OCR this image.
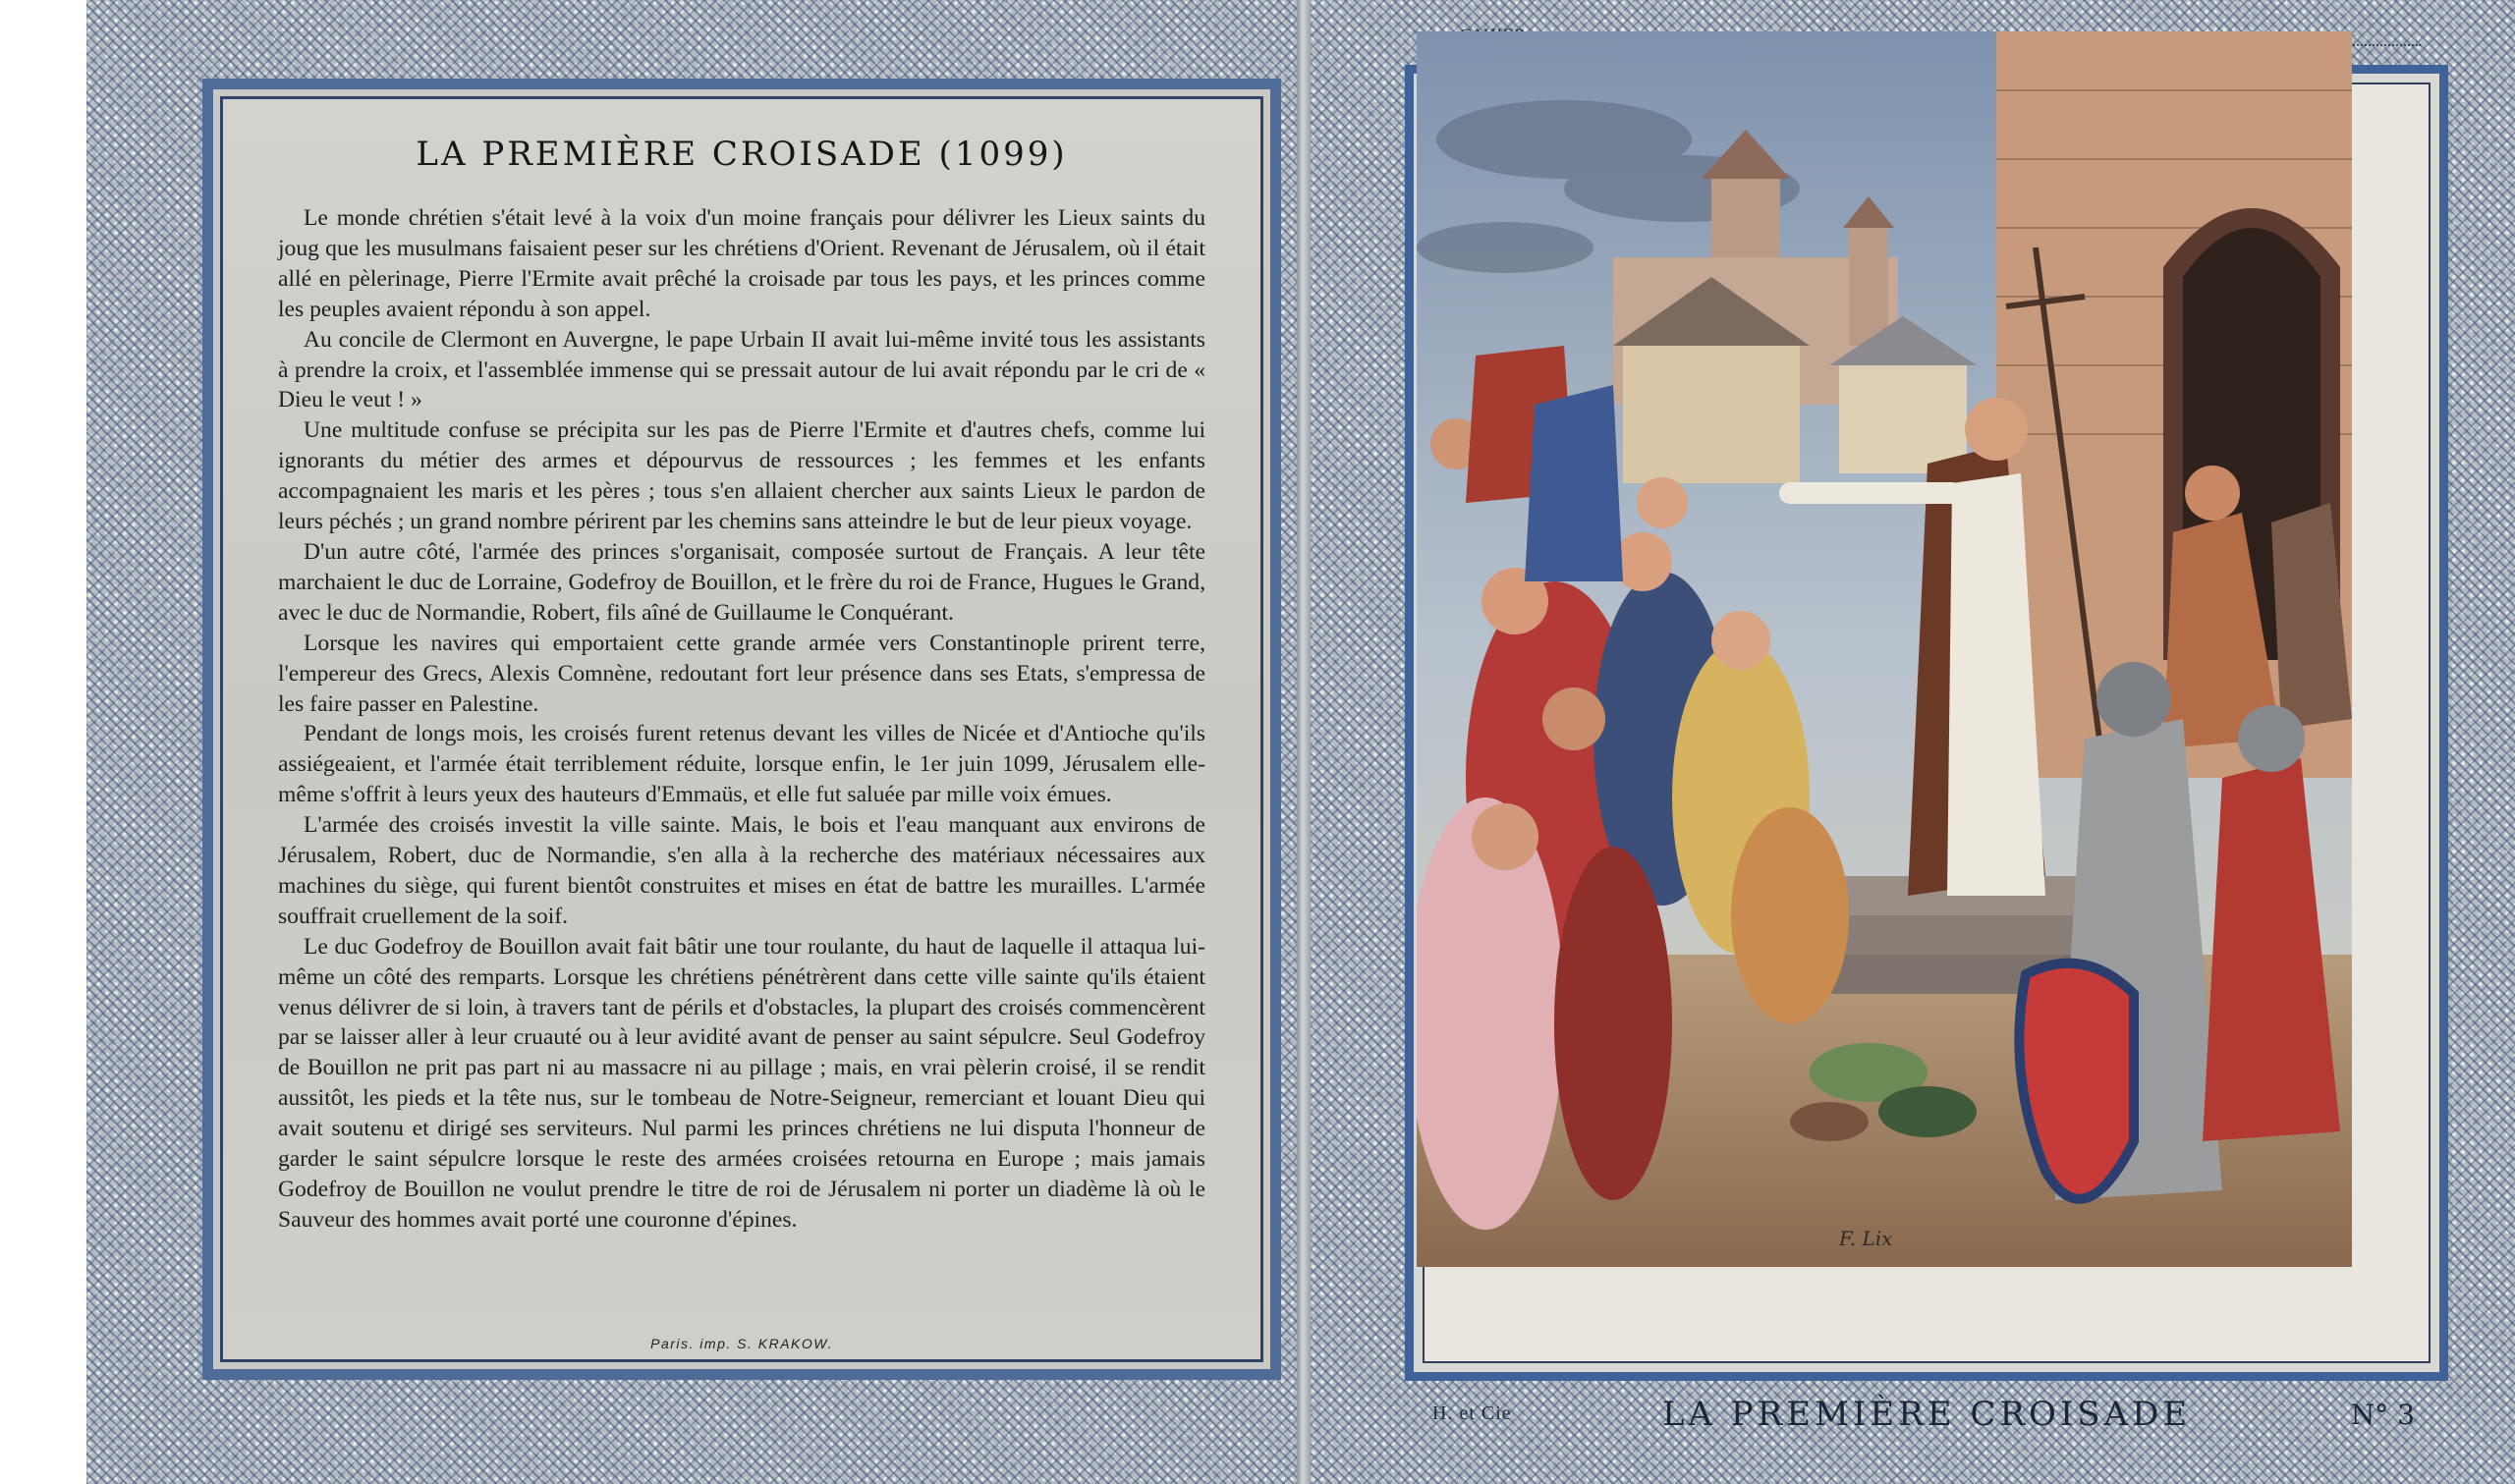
LA PREMIÈRE CROISADE (1099)

Le monde chrétien s'était levé à la voix d'un moine français pour délivrer les Lieux saints du joug que les musulmans faisaient peser sur les chrétiens d'Orient. Revenant de Jérusalem, où il était allé en pèlerinage, Pierre l'Ermite avait prêché la croisade par tous les pays, et les princes comme les peuples avaient répondu à son appel.

Au concile de Clermont en Auvergne, le pape Urbain II avait lui-même invité tous les assistants à prendre la croix, et l'assemblée immense qui se pressait autour de lui avait répondu par le cri de « Dieu le veut ! »

Une multitude confuse se précipita sur les pas de Pierre l'Ermite et d'autres chefs, comme lui ignorants du métier des armes et dépourvus de ressources ; les femmes et les enfants accompagnaient les maris et les pères ; tous s'en allaient chercher aux saints Lieux le pardon de leurs péchés ; un grand nombre périrent par les chemins sans atteindre le but de leur pieux voyage.

D'un autre côté, l'armée des princes s'organisait, composée surtout de Français. A leur tête marchaient le duc de Lorraine, Godefroy de Bouillon, et le frère du roi de France, Hugues le Grand, avec le duc de Normandie, Robert, fils aîné de Guillaume le Conquérant.

Lorsque les navires qui emportaient cette grande armée vers Constantinople prirent terre, l'empereur des Grecs, Alexis Comnène, redoutant fort leur présence dans ses Etats, s'empressa de les faire passer en Palestine.

Pendant de longs mois, les croisés furent retenus devant les villes de Nicée et d'Antioche qu'ils assiégeaient, et l'armée était terriblement réduite, lorsque enfin, le 1er juin 1099, Jérusalem elle-même s'offrit à leurs yeux des hauteurs d'Emmaüs, et elle fut saluée par mille voix émues.

L'armée des croisés investit la ville sainte. Mais, le bois et l'eau manquant aux environs de Jérusalem, Robert, duc de Normandie, s'en alla à la recherche des matériaux nécessaires aux machines du siège, qui furent bientôt construites et mises en état de battre les murailles. L'armée souffrait cruellement de la soif.

Le duc Godefroy de Bouillon avait fait bâtir une tour roulante, du haut de laquelle il attaqua lui-même un côté des remparts. Lorsque les chrétiens pénétrèrent dans cette ville sainte qu'ils étaient venus délivrer de si loin, à travers tant de périls et d'obstacles, la plupart des croisés commencèrent par se laisser aller à leur cruauté ou à leur avidité avant de penser au saint sépulcre. Seul Godefroy de Bouillon ne prit pas part ni au massacre ni au pillage ; mais, en vrai pèlerin croisé, il se rendit aussitôt, les pieds et la tête nus, sur le tombeau de Notre-Seigneur, remerciant et louant Dieu qui avait soutenu et dirigé ses serviteurs. Nul parmi les princes chrétiens ne lui disputa l'honneur de garder le saint sépulcre lorsque le reste des armées croisées retourna en Europe ; mais jamais Godefroy de Bouillon ne voulut prendre le titre de roi de Jérusalem ni porter un diadème là où le Sauveur des hommes avait porté une couronne d'épines.

Paris. imp. S. KRAKOW.
F. Lix
H. et Cie	LA PREMIÈRE CROISADE	N° 3
